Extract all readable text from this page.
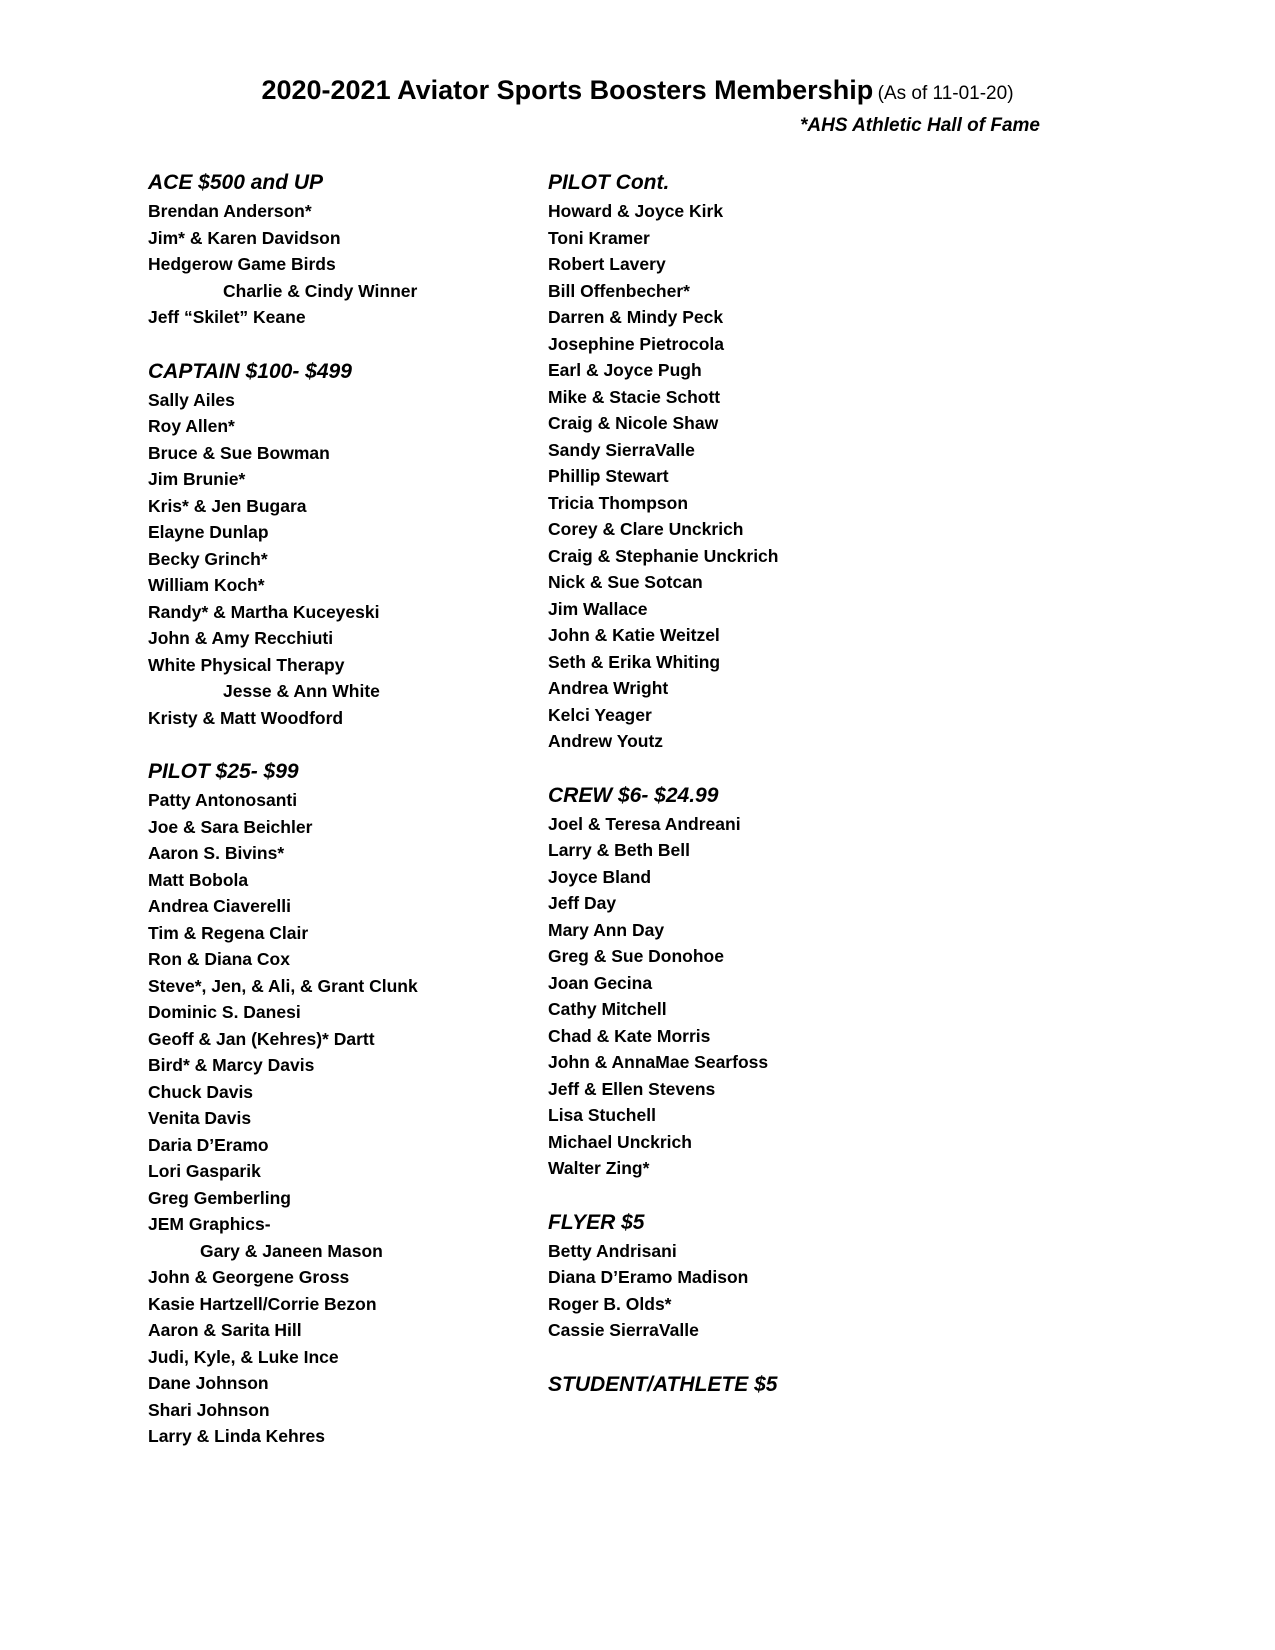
2020-2021 Aviator Sports Boosters Membership (As of 11-01-20)
*AHS Athletic Hall of Fame
ACE $500 and UP
Brendan Anderson*
Jim* & Karen Davidson
Hedgerow Game Birds
Charlie & Cindy Winner
Jeff “Skilet” Keane
CAPTAIN $100- $499
Sally Ailes
Roy Allen*
Bruce & Sue Bowman
Jim Brunie*
Kris* & Jen Bugara
Elayne Dunlap
Becky Grinch*
William Koch*
Randy* & Martha Kuceyeski
John & Amy Recchiuti
White Physical Therapy
Jesse & Ann White
Kristy & Matt Woodford
PILOT $25- $99
Patty Antonosanti
Joe & Sara Beichler
Aaron S. Bivins*
Matt Bobola
Andrea Ciaverelli
Tim & Regena Clair
Ron & Diana Cox
Steve*, Jen, & Ali, & Grant Clunk
Dominic S. Danesi
Geoff & Jan (Kehres)* Dartt
Bird* & Marcy Davis
Chuck Davis
Venita Davis
Daria D’Eramo
Lori Gasparik
Greg Gemberling
JEM Graphics-
Gary & Janeen Mason
John & Georgene Gross
Kasie Hartzell/Corrie Bezon
Aaron & Sarita Hill
Judi, Kyle, & Luke Ince
Dane Johnson
Shari Johnson
Larry & Linda Kehres
PILOT Cont.
Howard & Joyce Kirk
Toni Kramer
Robert Lavery
Bill Offenbecher*
Darren & Mindy Peck
Josephine Pietrocola
Earl & Joyce Pugh
Mike & Stacie Schott
Craig & Nicole Shaw
Sandy SierraValle
Phillip Stewart
Tricia Thompson
Corey & Clare Unckrich
Craig & Stephanie Unckrich
Nick & Sue Sotcan
Jim Wallace
John & Katie Weitzel
Seth & Erika Whiting
Andrea Wright
Kelci Yeager
Andrew Youtz
CREW $6- $24.99
Joel & Teresa Andreani
Larry & Beth Bell
Joyce Bland
Jeff Day
Mary Ann Day
Greg & Sue Donohoe
Joan Gecina
Cathy Mitchell
Chad & Kate Morris
John & AnnaMae Searfoss
Jeff & Ellen Stevens
Lisa Stuchell
Michael Unckrich
Walter Zing*
FLYER $5
Betty Andrisani
Diana D’Eramo Madison
Roger B. Olds*
Cassie SierraValle
STUDENT/ATHLETE $5
